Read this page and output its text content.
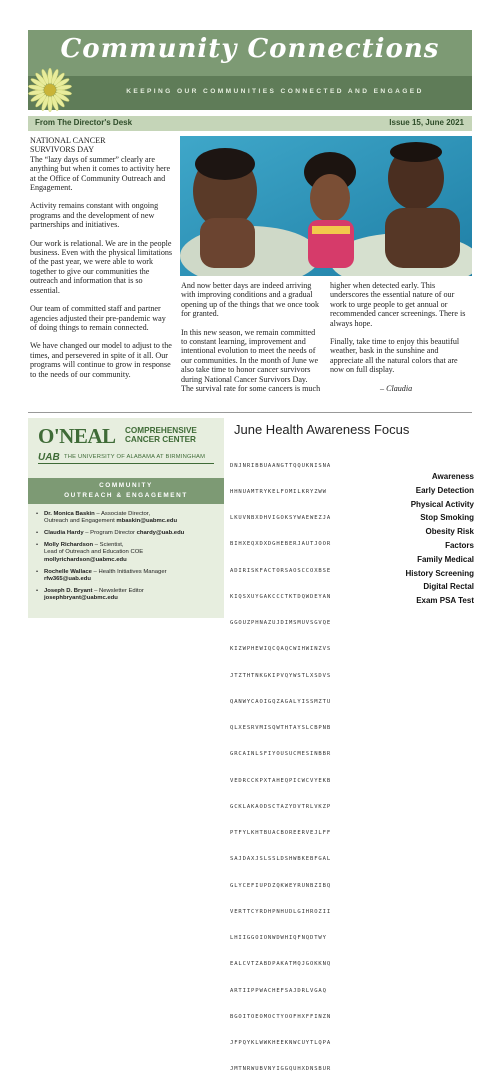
Community Connections
KEEPING OUR COMMUNITIES CONNECTED AND ENGAGED
From The Director's Desk	Issue 15, June 2021
NATIONAL CANCER
SURVIVORS DAY

The “lazy days of summer” clearly are anything but when it comes to activity here at the Office of Community Outreach and Engagement.

Activity remains constant with ongoing programs and the development of new partnerships and initiatives.

Our work is relational. We are in the people business. Even with the physical limitations of the past year, we were able to work together to give our communities the outreach and information that is so essential.

Our team of committed staff and partner agencies adjusted their pre-pandemic way of doing things to remain connected.

We have changed our model to adjust to the times, and persevered in spite of it all. Our programs will continue to grow in response to the needs of our community.

And now better days are indeed arriving with improving conditions and a gradual opening up of the things that we once took for granted.

In this new season, we remain committed to constant learning, improvement and intentional evolution to meet the needs of our communities. In the month of June we also take time to honor cancer survivors during National Cancer Survivors Day. The survival rate for some cancers is much

higher when detected early. This underscores the essential nature of our work to urge people to get annual or recommended cancer screenings. There is always hope.

Finally, take time to enjoy this beautiful weather, bask in the sunshine and appreciate all the natural colors that are now on full display.

– Claudia

O'NEAL COMPREHENSIVE
CANCER CENTER
UAB THE UNIVERSITY OF ALABAMA AT BIRMINGHAM
COMMUNITY
OUTREACH & ENGAGEMENT
• Dr. Monica Baskin – Associate Director,
Outreach and Engagement mbaskin@uabmc.edu
• Claudia Hardy – Program Director chardy@uab.edu
• Molly Richardson – Scientist,
Lead of Outreach and Education COE
mollyrichardson@uabmc.edu
• Rochelle Wallace – Health Initiatives Manager
rfw365@uab.edu
• Joseph D. Bryant – Newsletter Editor
josephbryant@uabmc.edu
June Health Awareness Focus

DNJNRIBBUAANGTTQQUKNISNA

HHNUAMTRYKELFOMILKRYZWW

LKUVNBXDHVIGOKSYWAEWEZJA

BIHXEQXDXDGHEBERJAUTJOOR

ADIRISKFACTORSAOSCCOXBSE

KIQSXUYGAKCCCTKTDQWDEYAN

GGOUZPHNAZUJDIMSMUVSGVQE

KIZWPHEWIQCQAQCWIHWINZVS

JTZTHTNKGKIPVQYWSTLXSDVS

QANWYCAOIGQZAGALYISSMZTU

QLXESRVMISQWTHTAYSLCBPNB

GRCAINLSFIYOUSUCMESINBBR

VEDRCCKPXTAHEQPICWCVYEKB

GCKLAKAODSCTAZYDVTRLVKZP

PTFYLKHTBUACBOREERVEJLFF

SAJDAXJSLSSLDSHWBKEBFGAL

GLYCEFIUPDZQKWEYRUNBZIBQ

VERTTCYRDHPNHUDLGIHROZII

LHIIGGOIONWDWHIQFNQDTWY

EALCVTZABDPAKATMQJGOKKNQ

ARTIIPPWACHEFSAJDRLVGAQ

BGOITOEOMOCTYOOFHXFFINZN

JFPQYKLWWKHEEKNWCUYTLQPA

JMTNRWUBVNYIGGQUHXDNSBUR

Awareness
Early Detection
Physical Activity
Stop Smoking
Obesity Risk
Factors
Family Medical
History Screening
Digital Rectal
Exam PSA Test
